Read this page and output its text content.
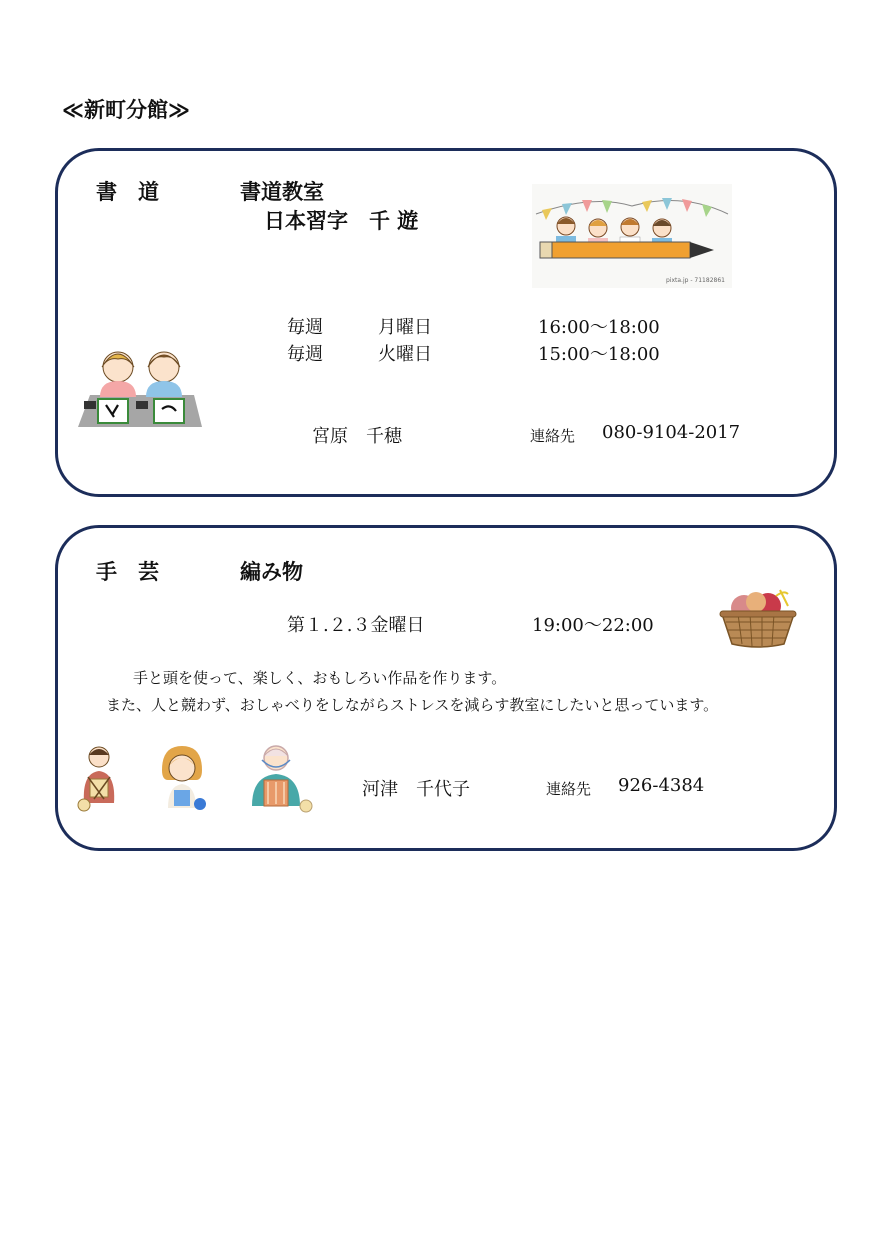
≪新町分館≫
書　道	書道教室
日本習字　千 遊
pixta.jp - 71182861
毎週	月曜日	16:00～18:00
毎週	火曜日	15:00～18:00
宮原　千穂	連絡先 080-9104-2017
手　芸	編み物
第１.２.３金曜日	19:00～22:00
手と頭を使って、楽しく、おもしろい作品を作ります。
また、人と競わず、おしゃべりをしながらストレスを減らす教室にしたいと思っています。
河津　千代子	連絡先 926-4384
